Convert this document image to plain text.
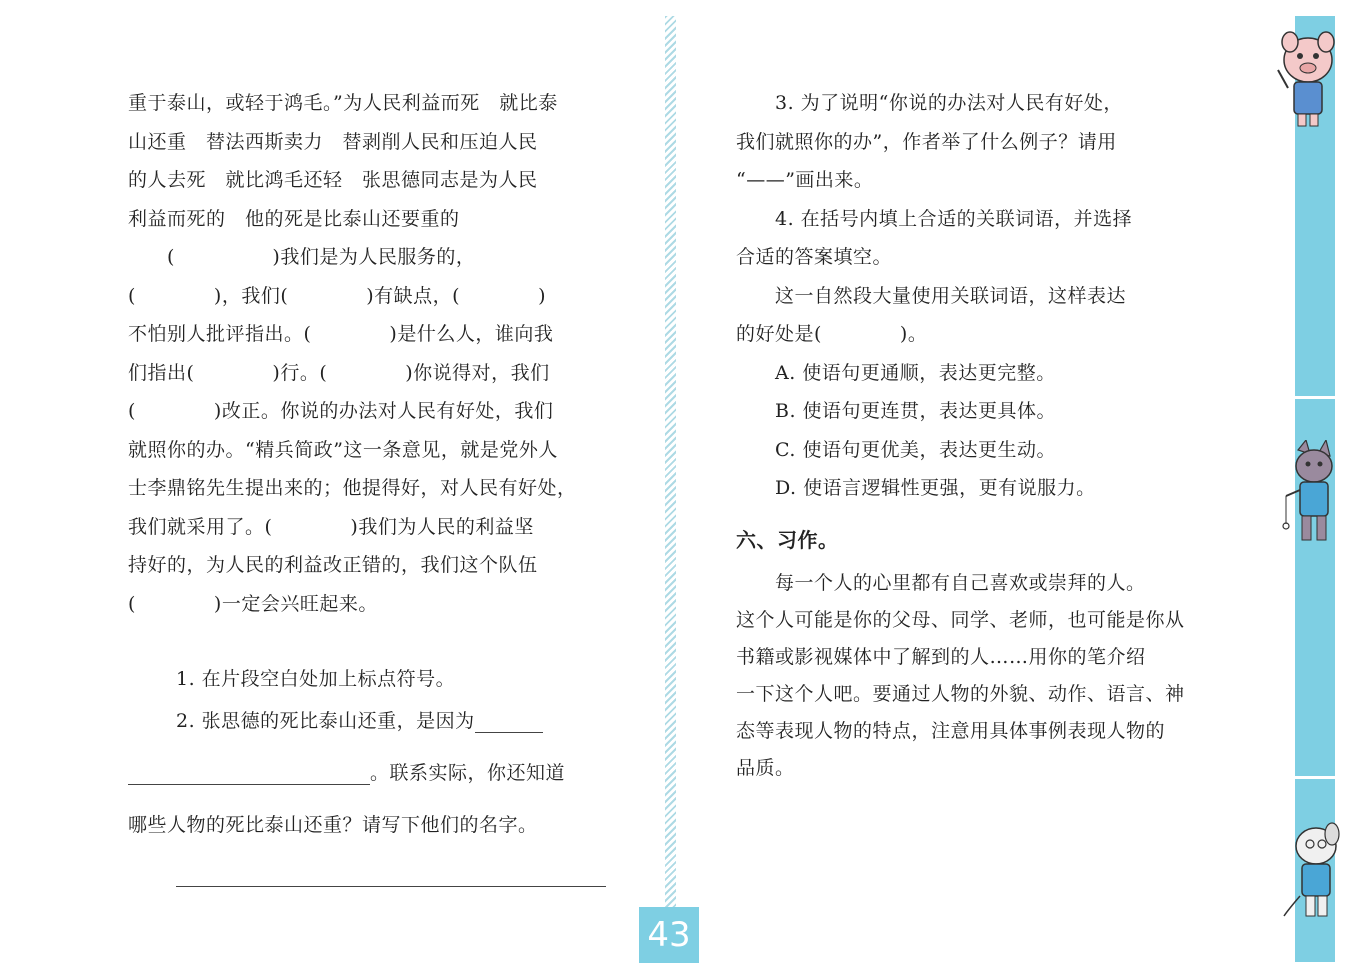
重于泰山，或轻于鸿毛。”为人民利益而死　就比泰

山还重　替法西斯卖力　替剥削人民和压迫人民

的人去死　就比鸿毛还轻　张思德同志是为人民

利益而死的　他的死是比泰山还要重的

　　(　　　　　)我们是为人民服务的，

(　　　　)，我们(　　　　)有缺点，(　　　　)

不怕别人批评指出。(　　　　)是什么人，谁向我

们指出(　　　　)行。(　　　　)你说得对，我们

(　　　　)改正。你说的办法对人民有好处，我们

就照你的办。“精兵简政”这一条意见，就是党外人

士李鼎铭先生提出来的；他提得好，对人民有好处，

我们就采用了。(　　　　)我们为人民的利益坚

持好的，为人民的利益改正错的，我们这个队伍

(　　　　)一定会兴旺起来。

1. 在片段空白处加上标点符号。
2. 张思德的死比泰山还重，是因为
。联系实际，你还知道
哪些人物的死比泰山还重？请写下他们的名字。

　　3. 为了说明“你说的办法对人民有好处，

我们就照你的办”，作者举了什么例子？请用

“——”画出来。

　　4. 在括号内填上合适的关联词语，并选择

合适的答案填空。

　　这一自然段大量使用关联词语，这样表达

的好处是(　　　　)。

　　A. 使语句更通顺，表达更完整。

　　B. 使语句更连贯，表达更具体。

　　C. 使语句更优美，表达更生动。

　　D. 使语言逻辑性更强，更有说服力。

六、习作。

　　每一个人的心里都有自己喜欢或崇拜的人。

这个人可能是你的父母、同学、老师，也可能是你从

书籍或影视媒体中了解到的人……用你的笔介绍

一下这个人吧。要通过人物的外貌、动作、语言、神

态等表现人物的特点，注意用具体事例表现人物的

品质。

43
